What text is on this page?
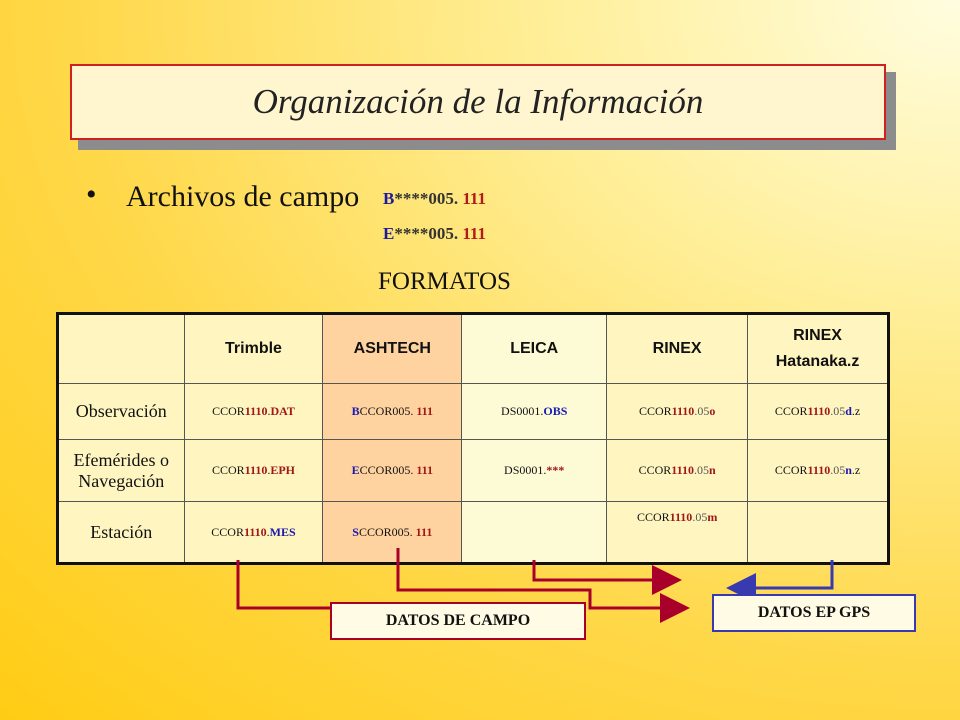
Organización de la Información
• Archivos de campo B****005. 111
E****005. 111
FORMATOS
	Trimble	ASHTECH	LEICA	RINEX	RINEX
Hatanaka.z

Observación	CCOR1110.DAT	BCCOR005. 111	DS0001.OBS	CCOR1110.05o	CCOR1110.05d.z

Efemérides o
Navegación	CCOR1110.EPH	ECCOR005. 111	DS0001.***	CCOR1110.05n	CCOR1110.05n.z
Estación	CCOR1110.MES	SCCOR005. 111		CCOR1110.05m	
DATOS DE CAMPO	DATOS EP GPS
